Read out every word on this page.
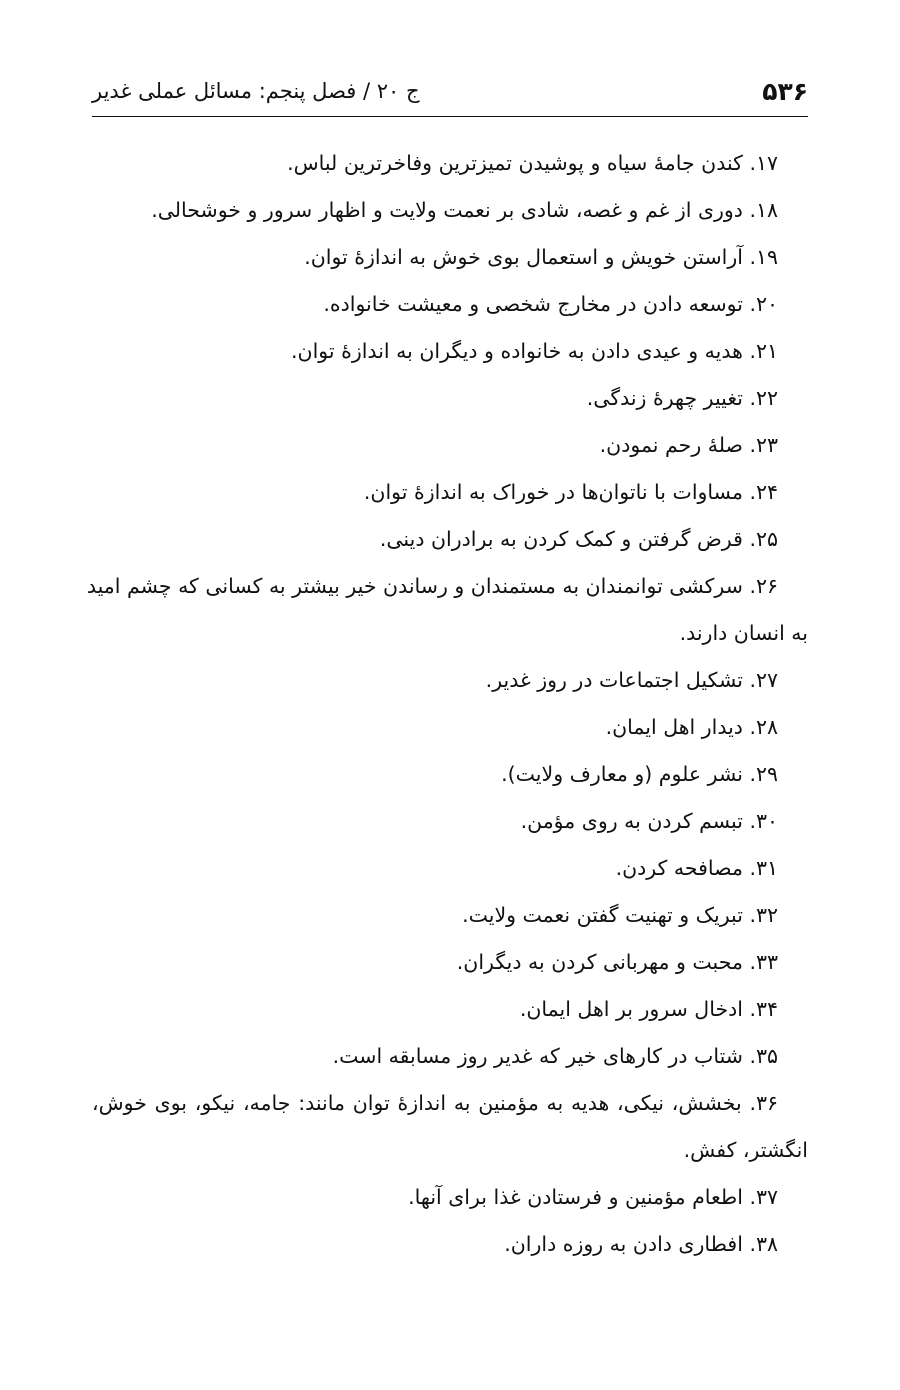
۵۳۶
ج ۲۰ / فصل پنجم: مسائل عملی غدیر

۱۷. کندن جامۀ سیاه و پوشیدن تمیزترین وفاخرترین لباس.

۱۸. دوری از غم و غصه، شادی بر نعمت ولایت و اظهار سرور و خوشحالی.

۱۹. آراستن خویش و استعمال بوی خوش به اندازۀ توان.

۲۰. توسعه دادن در مخارج شخصی و معیشت خانواده.

۲۱. هدیه و عیدی دادن به خانواده و دیگران به اندازۀ توان.

۲۲. تغییر چهرۀ زندگی.

۲۳. صلۀ رحم نمودن.

۲۴. مساوات با ناتوان‌ها در خوراک به اندازۀ توان.

۲۵. قرض گرفتن و کمک کردن به برادران دینی.

۲۶. سرکشی توانمندان به مستمندان و رساندن خیر بیشتر به کسانی که چشم امید
به انسان دارند.

۲۷. تشکیل اجتماعات در روز غدیر.

۲۸. دیدار اهل ایمان.

۲۹. نشر علوم (و معارف ولایت).

۳۰. تبسم کردن به روی مؤمن.

۳۱. مصافحه کردن.

۳۲. تبریک و تهنیت گفتن نعمت ولایت.

۳۳. محبت و مهربانی کردن به دیگران.

۳۴. ادخال سرور بر اهل ایمان.

۳۵. شتاب در کارهای خیر که غدیر روز مسابقه است.

۳۶. بخشش، نیکی، هدیه به مؤمنین به اندازۀ توان مانند: جامه، نیکو، بوی خوش،
انگشتر، کفش.

۳۷. اطعام مؤمنین و فرستادن غذا برای آنها.

۳۸. افطاری دادن به روزه داران.
